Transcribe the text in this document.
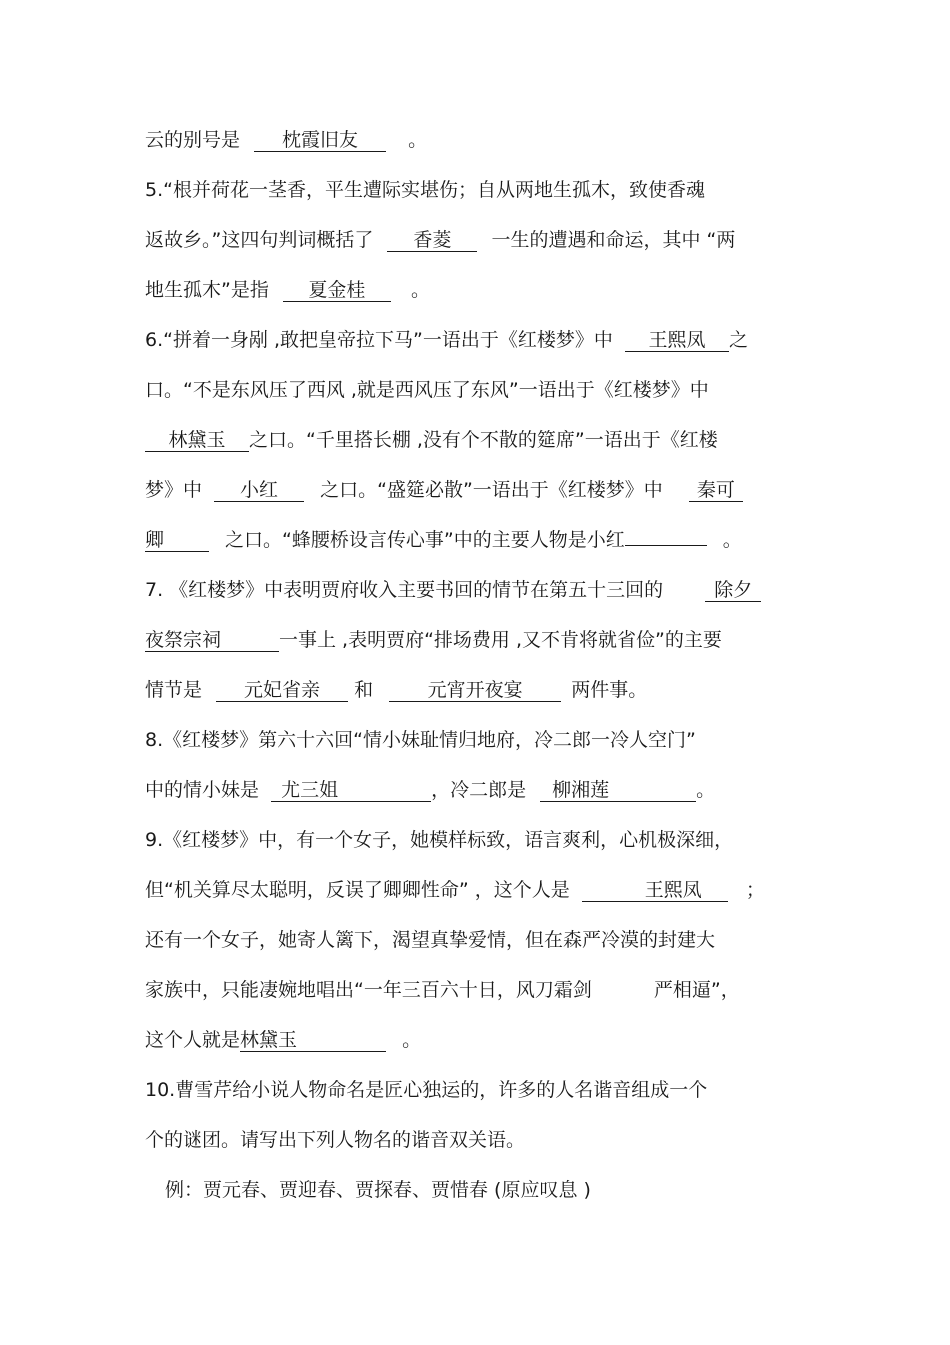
云的别号是 枕霞旧友	。
5.“根并荷花一茎香，平生遭际实堪伤；自从两地生孤木，致使香魂
返故乡。”这四句判词概括了 香菱 一生的遭遇和命运，其中 “两
地生孤木”是指 夏金桂 。
6.“拼着一身剐 ,敢把皇帝拉下马”一语出于《红楼梦》中 王熙凤 之
口。“不是东风压了西风 ,就是西风压了东风”一语出于《红楼梦》中
林黛玉 之口。“千里搭长棚 ,没有个不散的筵席”一语出于《红楼
梦》中 小红 之口。“盛筵必散”一语出于《红楼梦》中 秦可
卿	之口。“蜂腰桥设言传心事”中的主要人物是小红	。
7. 《红楼梦》中表明贾府收入主要书回的情节在第五十三回的	除夕
夜祭宗祠	一事上 ,表明贾府“排场费用 ,又不肯将就省俭”的主要
情节是 元妃省亲 和	元宵开夜宴	两件事。
8.《红楼梦》第六十六回“情小妹耻情归地府，冷二郎一冷人空门”
中的情小妹是 尤三姐	，冷二郎是 柳湘莲	。
9.《红楼梦》中，有一个女子，她模样标致，语言爽利，心机极深细，
但“机关算尽太聪明，反误了卿卿性命” ，这个人是	王熙凤 ；
还有一个女子，她寄人篱下，渴望真挚爱情，但在森严冷漠的封建大
家族中，只能凄婉地唱出“一年三百六十日，风刀霜剑	严相逼”，
这个人就是林黛玉	。
10.曹雪芹给小说人物命名是匠心独运的，许多的人名谐音组成一个
个的谜团。请写出下列人物名的谐音双关语。
例：贾元春、贾迎春、贾探春、贾惜春 (原应叹息 )
